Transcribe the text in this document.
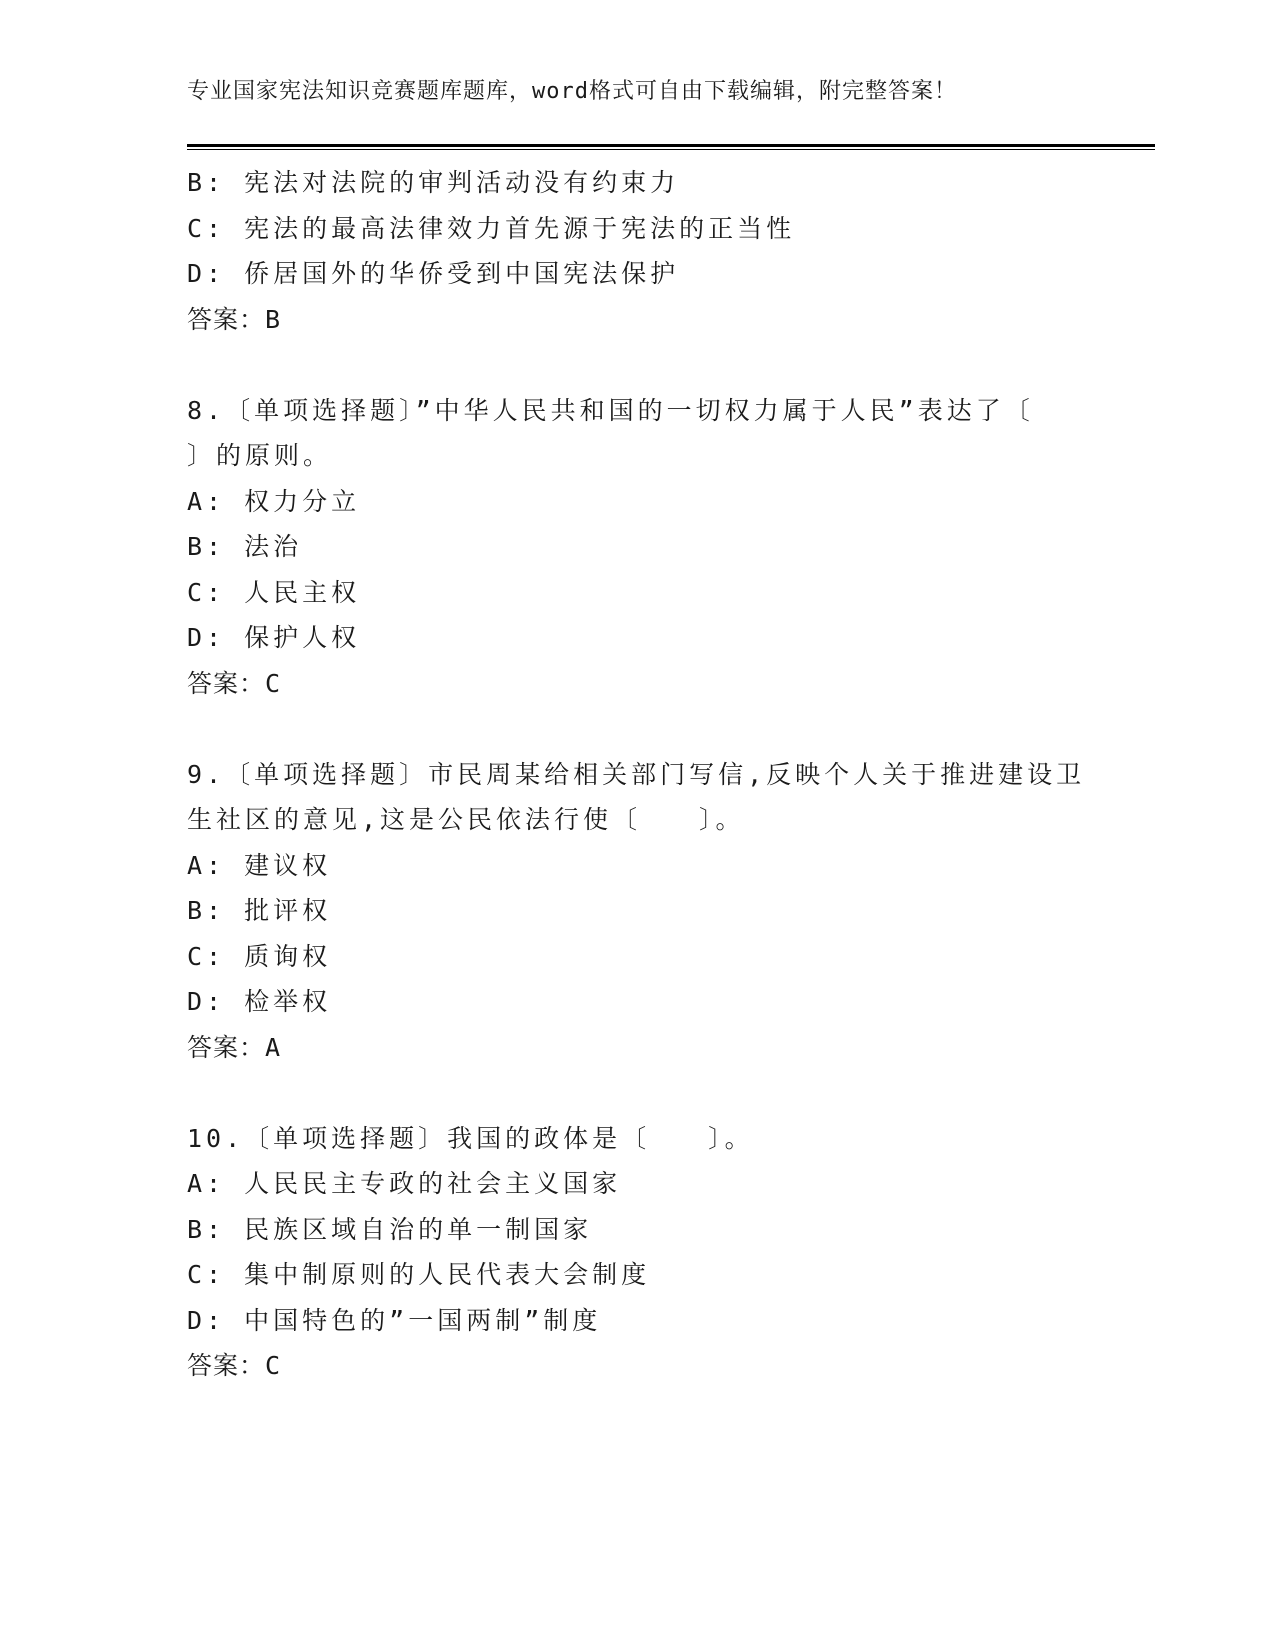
专业国家宪法知识竞赛题库题库，word格式可自由下载编辑，附完整答案！
B: 宪法对法院的审判活动没有约束力
C: 宪法的最高法律效力首先源于宪法的正当性
D: 侨居国外的华侨受到中国宪法保护
答案：B
8.〔单项选择题〕”中华人民共和国的一切权力属于人民”表达了〔
〕的原则。
A: 权力分立
B: 法治
C: 人民主权
D: 保护人权
答案：C
9.〔单项选择题〕市民周某给相关部门写信,反映个人关于推进建设卫
生社区的意见,这是公民依法行使〔　　〕。
A: 建议权
B: 批评权
C: 质询权
D: 检举权
答案：A
10.〔单项选择题〕我国的政体是〔　　〕。
A: 人民民主专政的社会主义国家
B: 民族区域自治的单一制国家
C: 集中制原则的人民代表大会制度
D: 中国特色的”一国两制”制度
答案：C
